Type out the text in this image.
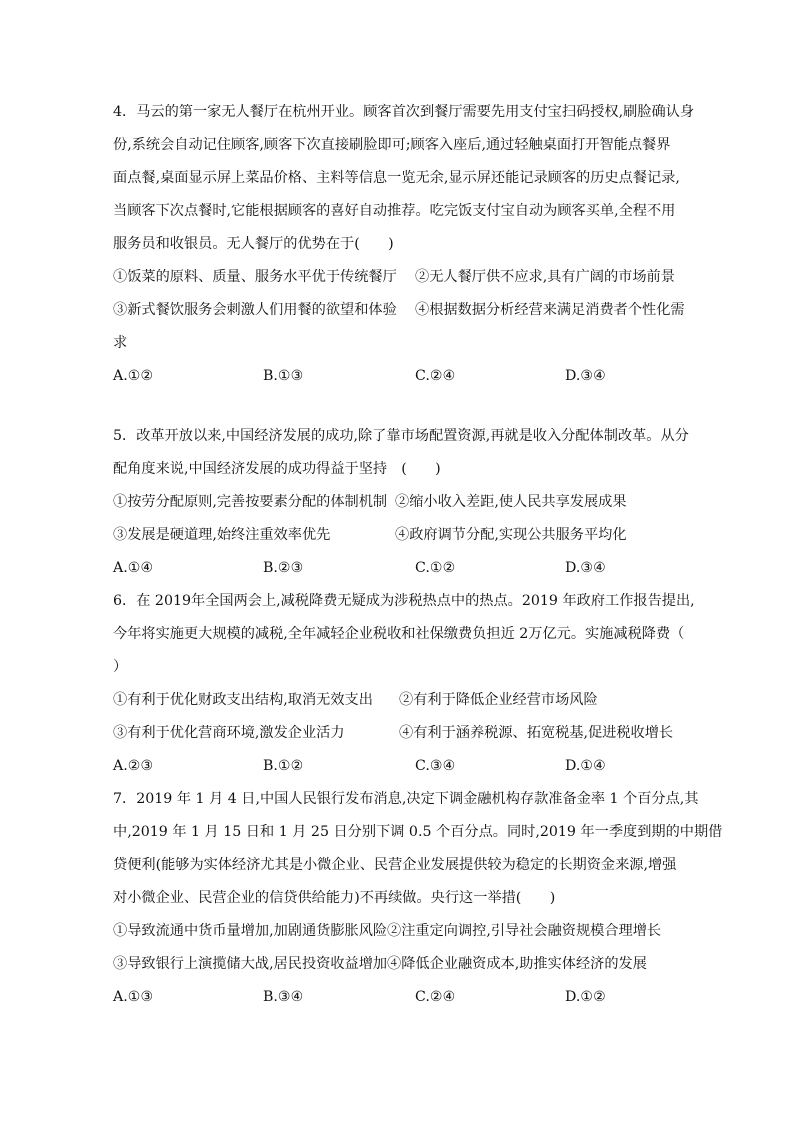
4．马云的第一家无人餐厅在杭州开业。顾客首次到餐厅需要先用支付宝扫码授权,刷脸确认身
份,系统会自动记住顾客,顾客下次直接刷脸即可;顾客入座后,通过轻触桌面打开智能点餐界
面点餐,桌面显示屏上菜品价格、主料等信息一览无余,显示屏还能记录顾客的历史点餐记录,
当顾客下次点餐时,它能根据顾客的喜好自动推荐。吃完饭支付宝自动为顾客买单,全程不用
服务员和收银员。无人餐厅的优势在于(　　)
①饭菜的原料、质量、服务水平优于传统餐厅 ②无人餐厅供不应求,具有广阔的市场前景
③新式餐饮服务会刺激人们用餐的欲望和体验 ④根据数据分析经营来满足消费者个性化需
求
A.①②	B.①③	C.②④	D.③④
5．改革开放以来,中国经济发展的成功,除了靠市场配置资源,再就是收入分配体制改革。从分
配角度来说,中国经济发展的成功得益于坚持　(　　)
①按劳分配原则,完善按要素分配的体制机制 ②缩小收入差距,使人民共享发展成果
③发展是硬道理,始终注重效率优先	④政府调节分配,实现公共服务平均化
A.①④	B.②③	C.①②	D.③④
6．在 2019年全国两会上,减税降费无疑成为涉税热点中的热点。2019 年政府工作报告提出,
今年将实施更大规模的减税,全年减轻企业税收和社保缴费负担近 2万亿元。实施减税降费（
）
①有利于优化财政支出结构,取消无效支出 ②有利于降低企业经营市场风险
③有利于优化营商环境,激发企业活力	④有利于涵养税源、拓宽税基,促进税收增长
A.②③	B.①②	C.③④	D.①④
7．2019 年 1 月 4 日,中国人民银行发布消息,决定下调金融机构存款准备金率 1 个百分点,其
中,2019 年 1 月 15 日和 1 月 25 日分别下调 0.5 个百分点。同时,2019 年一季度到期的中期借
贷便利(能够为实体经济尤其是小微企业、民营企业发展提供较为稳定的长期资金来源,增强
对小微企业、民营企业的信贷供给能力)不再续做。央行这一举措(　　)
①导致流通中货币量增加,加剧通货膨胀风险 ②注重定向调控,引导社会融资规模合理增长
③导致银行上演揽储大战,居民投资收益增加 ④降低企业融资成本,助推实体经济的发展
A.①③	B.③④	C.②④	D.①②
